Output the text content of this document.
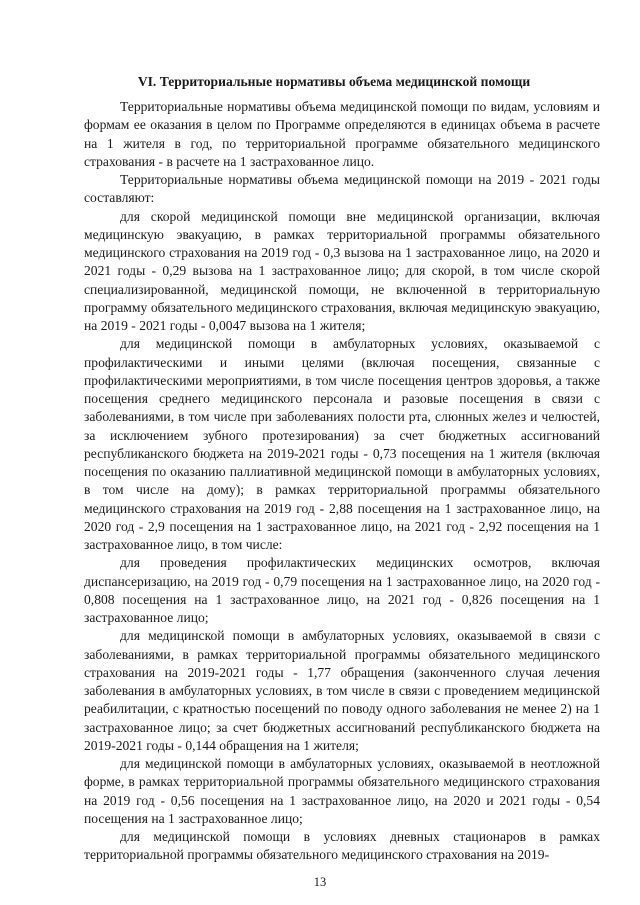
VI. Территориальные нормативы объема медицинской помощи

Территориальные нормативы объема медицинской помощи по видам, условиям и формам ее оказания в целом по Программе определяются в единицах объема в расчете на 1 жителя в год, по территориальной программе обязательного медицинского страхования - в расчете на 1 застрахованное лицо.

Территориальные нормативы объема медицинской помощи на 2019 - 2021 годы составляют:

для скорой медицинской помощи вне медицинской организации, включая медицинскую эвакуацию, в рамках территориальной программы обязательного медицинского страхования на 2019 год - 0,3 вызова на 1 застрахованное лицо, на 2020 и 2021 годы - 0,29 вызова на 1 застрахованное лицо; для скорой, в том числе скорой специализированной, медицинской помощи, не включенной в территориальную программу обязательного медицинского страхования, включая медицинскую эвакуацию, на 2019 - 2021 годы - 0,0047 вызова на 1 жителя;

для медицинской помощи в амбулаторных условиях, оказываемой с профилактическими и иными целями (включая посещения, связанные с профилактическими мероприятиями, в том числе посещения центров здоровья, а также посещения среднего медицинского персонала и разовые посещения в связи с заболеваниями, в том числе при заболеваниях полости рта, слюнных желез и челюстей, за исключением зубного протезирования) за счет бюджетных ассигнований республиканского бюджета на 2019-2021 годы - 0,73 посещения на 1 жителя (включая посещения по оказанию паллиативной медицинской помощи в амбулаторных условиях, в том числе на дому); в рамках территориальной программы обязательного медицинского страхования на 2019 год - 2,88 посещения на 1 застрахованное лицо, на 2020 год - 2,9 посещения на 1 застрахованное лицо, на 2021 год - 2,92 посещения на 1 застрахованное лицо, в том числе:

для проведения профилактических медицинских осмотров, включая диспансеризацию, на 2019 год - 0,79 посещения на 1 застрахованное лицо, на 2020 год - 0,808 посещения на 1 застрахованное лицо, на 2021 год - 0,826 посещения на 1 застрахованное лицо;

для медицинской помощи в амбулаторных условиях, оказываемой в связи с заболеваниями, в рамках территориальной программы обязательного медицинского страхования на 2019-2021 годы - 1,77 обращения (законченного случая лечения заболевания в амбулаторных условиях, в том числе в связи с проведением медицинской реабилитации, с кратностью посещений по поводу одного заболевания не менее 2) на 1 застрахованное лицо; за счет бюджетных ассигнований республиканского бюджета на 2019-2021 годы - 0,144 обращения на 1 жителя;

для медицинской помощи в амбулаторных условиях, оказываемой в неотложной форме, в рамках территориальной программы обязательного медицинского страхования на 2019 год - 0,56 посещения на 1 застрахованное лицо, на 2020 и 2021 годы - 0,54 посещения на 1 застрахованное лицо;

для медицинской помощи в условиях дневных стационаров в рамках территориальной программы обязательного медицинского страхования на 2019-

13
